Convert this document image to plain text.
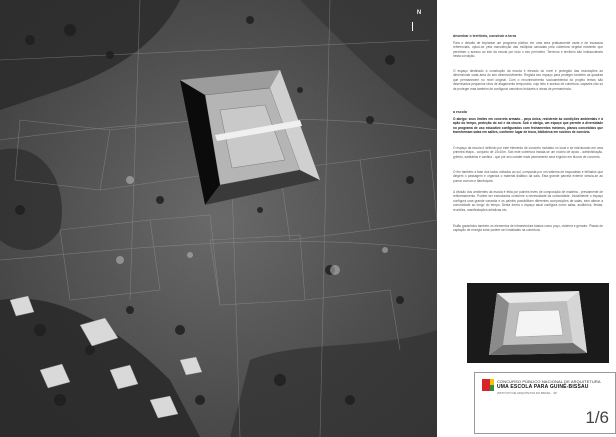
N
desenhar o território, construir a terra
Para o desafio de implantar um programa público em uma área praticamente vazia e de escassos referenciais, optou-se pela manutenção das múltiplas camadas pela cobertura vegetal existente que permitam o acesso ao lote da escola por todo o seu perímetro. Terrenos e território são indissociáveis nesta condição.
O espaço destinado à construção da escola é elevado do nível e protegido das inundações ao dimensionar cada área do seu desenvolvimento. Regista seu espaço para proteger também as quadras que permanecem no nível original. Com o reconhecimento socioambiental do projeto temos são desenhados pequenos véus de alagamento temporário, cujo leito e acesso de cobertura, capazes não só de proteger mas também de configurar caminhos frutáveis e áreas de permanência.
a escola
O abrigo: seus limites em concreto armado - peça única, resistente às condições ambientais e à ação do tempo, proteção do sol e da chuva. Sob o abrigo, um espaço que permite a diversidade no programa de uso educativo configurados com fechamentos mínimos, planos concebidos que transformam salas em salões, conforme lugar de troca, biblioteca em núcleos de convívio.
O espaço da escola é definido por este elemento de concreto moldado no local e se estruturado em uma primeira etapa - conjunto de 10x10m. Sob este cobertura instala-se um núcleo de apoio - administração, grêmio, sanitários e cantina - que por seu caráter mais permanente será erguido em blocos de concreto.
O fim também a fase dos lados voltados ao sul, composta por um sistema de esquadrias e telhados que dirigem o passagem e organiza o material didático da sala. Esta grande parcela exterior simula-se ao pomar comum e flamboyant.
A divisão dos ambientes da escola é feita por painéis leves de composição de madeira - previamente de reflorestamento. Podem ser executados conforme a necessidade da comunidade. Inicialmente o espaço configura uma grande varanda e os painéis possibilitam diferentes composições de salas, sem alterar a comunidade ao longo do tempo. Desta forma o espaço atual configura como salas, auditórios, festas, reuniões, manifestações artísticas etc.
Estão garantidos também os elementos de infraestrutura básica como poço, cisterna e gerador. Placas de captação de energia solar podem ser instaladas na cobertura.
CONCURSO PÚBLICO NACIONAL DE ARQUITETURA
UMA ESCOLA PARA GUINÉ-BISSAU
INSTITUTO DE ARQUITETOS DO BRASIL · SP
1/6
